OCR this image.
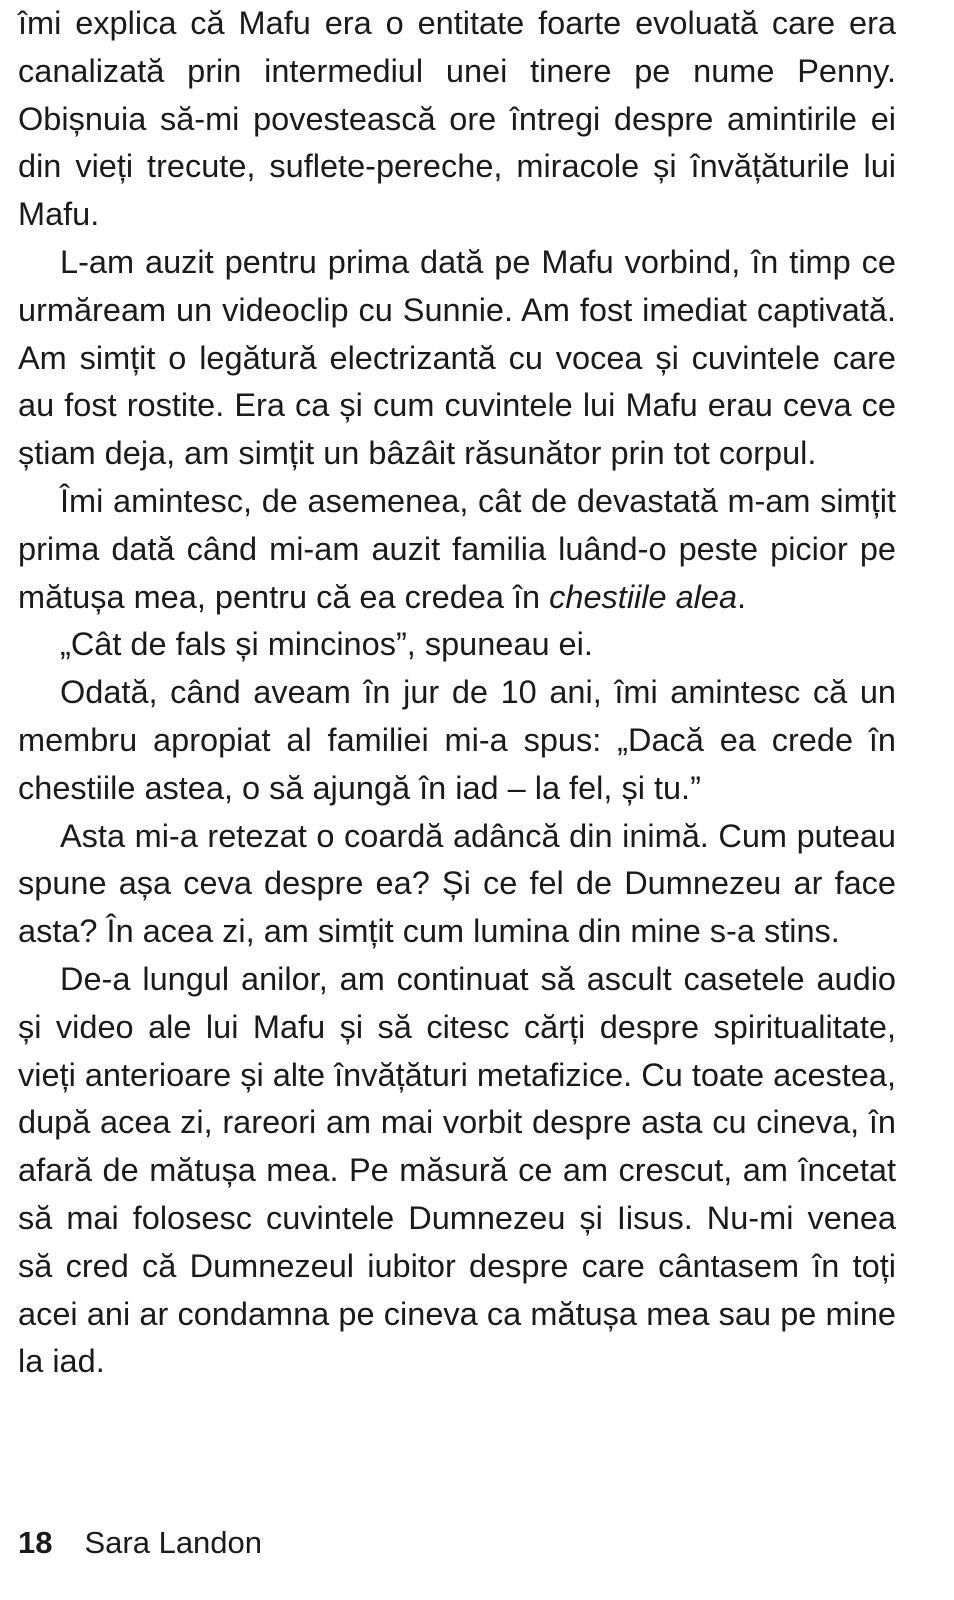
îmi explica că Mafu era o entitate foarte evoluată care era canalizată prin intermediul unei tinere pe nume Penny. Obișnuia să-mi povestească ore întregi despre amintirile ei din vieți trecute, suflete-pereche, miracole și învățăturile lui Mafu.

L-am auzit pentru prima dată pe Mafu vorbind, în timp ce urmăream un videoclip cu Sunnie. Am fost imediat captivată. Am simțit o legătură electrizantă cu vocea și cuvintele care au fost rostite. Era ca și cum cuvintele lui Mafu erau ceva ce știam deja, am simțit un bâzâit răsunător prin tot corpul.

Îmi amintesc, de asemenea, cât de devastată m-am simțit prima dată când mi-am auzit familia luând-o peste picior pe mătușa mea, pentru că ea credea în chestiile alea.

„Cât de fals și mincinos”, spuneau ei.

Odată, când aveam în jur de 10 ani, îmi amintesc că un membru apropiat al familiei mi-a spus: „Dacă ea crede în chestiile astea, o să ajungă în iad – la fel, și tu.”

Asta mi-a retezat o coardă adâncă din inimă. Cum puteau spune așa ceva despre ea? Și ce fel de Dumnezeu ar face asta? În acea zi, am simțit cum lumina din mine s-a stins.

De-a lungul anilor, am continuat să ascult casetele audio și video ale lui Mafu și să citesc cărți despre spiritualitate, vieți anterioare și alte învățături metafizice. Cu toate acestea, după acea zi, rareori am mai vorbit despre asta cu cineva, în afară de mătușa mea. Pe măsură ce am crescut, am încetat să mai folosesc cuvintele Dumnezeu și Iisus. Nu-mi venea să cred că Dumnezeul iubitor despre care cântasem în toți acei ani ar condamna pe cineva ca mătușa mea sau pe mine la iad.

18 Sara Landon
